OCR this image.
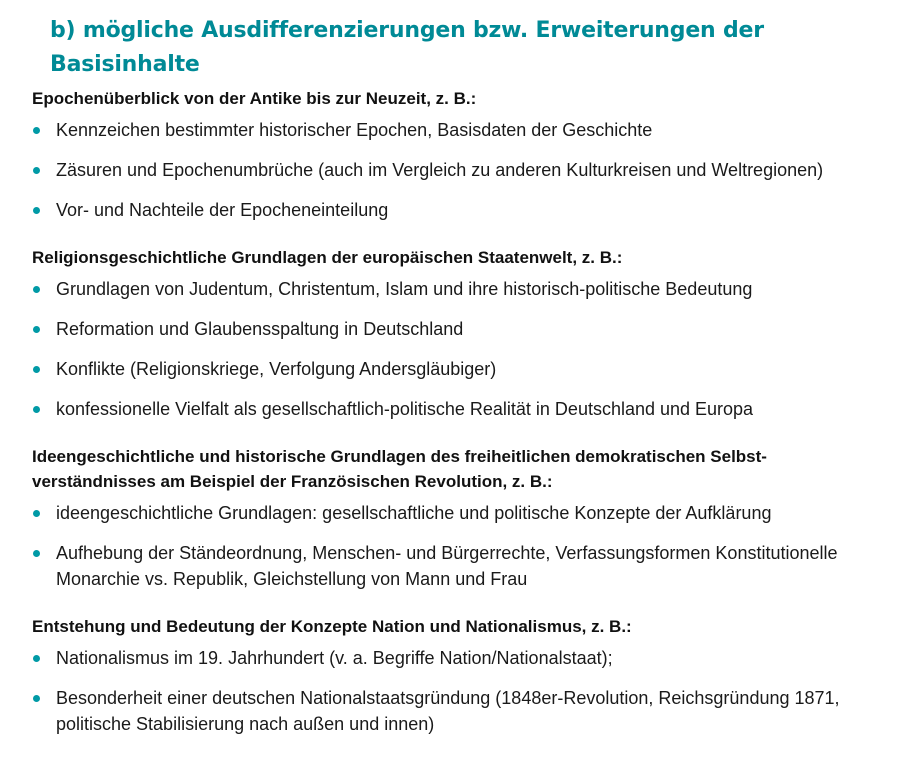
b) mögliche Ausdifferenzierungen bzw. Erweiterungen der Basisinhalte
Epochenüberblick von der Antike bis zur Neuzeit, z. B.:
Kennzeichen bestimmter historischer Epochen, Basisdaten der Geschichte
Zäsuren und Epochenumbrüche (auch im Vergleich zu anderen Kulturkreisen und Weltregionen)
Vor- und Nachteile der Epocheneinteilung
Religionsgeschichtliche Grundlagen der europäischen Staatenwelt, z. B.:
Grundlagen von Judentum, Christentum, Islam und ihre historisch-politische Bedeutung
Reformation und Glaubensspaltung in Deutschland
Konflikte (Religionskriege, Verfolgung Andersgläubiger)
konfessionelle Vielfalt als gesellschaftlich-politische Realität in Deutschland und Europa
Ideengeschichtliche und historische Grundlagen des freiheitlichen demokratischen Selbst-verständnisses am Beispiel der Französischen Revolution, z. B.:
ideengeschichtliche Grundlagen: gesellschaftliche und politische Konzepte der Aufklärung
Aufhebung der Ständeordnung, Menschen- und Bürgerrechte, Verfassungsformen Konstitutionelle Monarchie vs. Republik, Gleichstellung von Mann und Frau
Entstehung und Bedeutung der Konzepte Nation und Nationalismus, z. B.:
Nationalismus im 19. Jahrhundert (v. a. Begriffe Nation/Nationalstaat);
Besonderheit einer deutschen Nationalstaatsgründung (1848er-Revolution, Reichsgründung 1871, politische Stabilisierung nach außen und innen)
